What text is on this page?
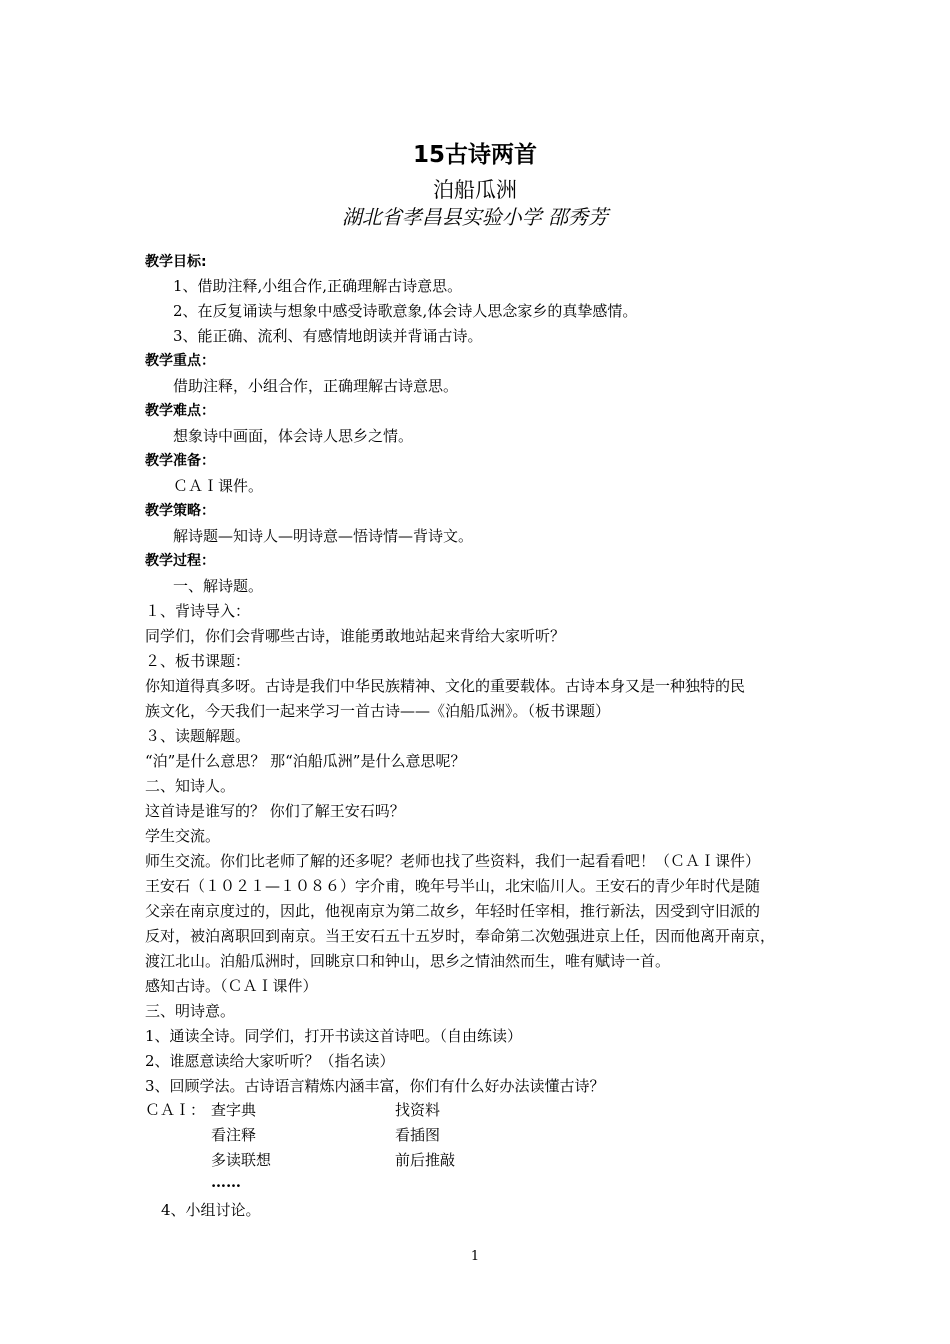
15古诗两首
泊船瓜洲
湖北省孝昌县实验小学 邵秀芳
教学目标:
1、借助注释,小组合作,正确理解古诗意思。
2、在反复诵读与想象中感受诗歌意象,体会诗人思念家乡的真挚感情。
3、能正确、流利、有感情地朗读并背诵古诗。
教学重点：
借助注释，小组合作，正确理解古诗意思。
教学难点：
想象诗中画面，体会诗人思乡之情。
教学准备：
ＣＡＩ课件。
教学策略：
解诗题—知诗人—明诗意—悟诗情—背诗文。
教学过程：
一、解诗题。
１、背诗导入：
同学们，你们会背哪些古诗，谁能勇敢地站起来背给大家听听？
２、板书课题：
你知道得真多呀。古诗是我们中华民族精神、文化的重要载体。古诗本身又是一种独特的民
族文化，今天我们一起来学习一首古诗——《泊船瓜洲》。（板书课题）
３、读题解题。
“泊”是什么意思？ 那“泊船瓜洲”是什么意思呢？
二、知诗人。
这首诗是谁写的？ 你们了解王安石吗？
学生交流。
师生交流。你们比老师了解的还多呢？老师也找了些资料，我们一起看看吧！（ＣＡＩ课件）
王安石（１０２１—１０８６）字介甫，晚年号半山，北宋临川人。王安石的青少年时代是随
父亲在南京度过的，因此，他视南京为第二故乡，年轻时任宰相，推行新法，因受到守旧派的
反对，被泊离职回到南京。当王安石五十五岁时，奉命第二次勉强进京上任，因而他离开南京，
渡江北山。泊船瓜洲时，回眺京口和钟山，思乡之情油然而生，唯有赋诗一首。
感知古诗。（ＣＡＩ课件）
三、明诗意。
1、通读全诗。同学们，打开书读这首诗吧。（自由练读）
2、谁愿意读给大家听听？（指名读）
3、回顾学法。古诗语言精炼内涵丰富，你们有什么好办法读懂古诗？
ＣＡＩ： 查字典	找资料
看注释	看插图
多读联想	前后推敲
……
4、小组讨论。
1
